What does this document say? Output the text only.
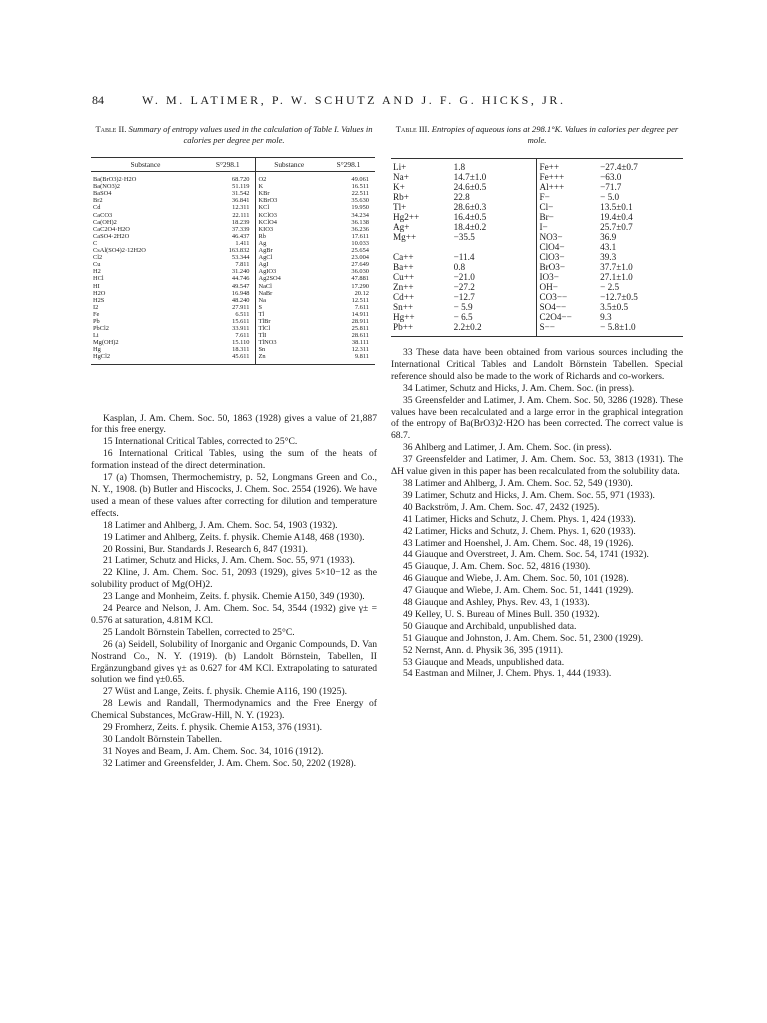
84	W. M. LATIMER, P. W. SCHUTZ AND J. F. G. HICKS, JR.

Table II. Summary of entropy values used in the calculation of Table I. Values in calories per degree per mole.

Substance	S°298.1	Substance	S°298.1
Ba(BrO3)2·H2O	68.720	O2	49.061
Ba(NO3)2	51.119	K	16.511
BaSO4	31.542	KBr	22.511
Br2	36.841	KBrO3	35.630
Cd	12.311	KCl	19.950
CaCO3	22.111	KClO3	34.234
Ca(OH)2	18.239	KClO4	36.138
CaC2O4·H2O	37.339	KIO3	36.236
CaSO4·2H2O	46.437	Rb	17.611
C	1.411	Ag	10.033
CsAl(SO4)2·12H2O	163.832	AgBr	25.654
Cl2	53.344	AgCl	23.004
Cu	7.811	AgI	27.649
H2	31.240	AgIO3	36.030
HCl	44.746	Ag2SO4	47.881
HI	49.547	NaCl	17.290
H2O	16.948	NaBr	20.12
H2S	48.240	Na	12.511
I2	27.911	S	7.611
Fe	6.511	Tl	14.911
Pb	15.611	TlBr	28.911
PbCl2	33.911	TlCl	25.811
Li	7.611	TlI	28.611
Mg(OH)2	15.110	TlNO3	38.111
Hg	18.311	Sn	12.311
HgCl2	45.611	Zn	9.811

Kasplan, J. Am. Chem. Soc. 50, 1863 (1928) gives a value of 21,887 for this free energy.

15 International Critical Tables, corrected to 25°C.

16 International Critical Tables, using the sum of the heats of formation instead of the direct determination.

17 (a) Thomsen, Thermochemistry, p. 52, Longmans Green and Co., N. Y., 1908. (b) Butler and Hiscocks, J. Chem. Soc. 2554 (1926). We have used a mean of these values after correcting for dilution and temperature effects.

18 Latimer and Ahlberg, J. Am. Chem. Soc. 54, 1903 (1932).

19 Latimer and Ahlberg, Zeits. f. physik. Chemie A148, 468 (1930).

20 Rossini, Bur. Standards J. Research 6, 847 (1931).

21 Latimer, Schutz and Hicks, J. Am. Chem. Soc. 55, 971 (1933).

22 Kline, J. Am. Chem. Soc. 51, 2093 (1929), gives 5×10−12 as the solubility product of Mg(OH)2.

23 Lange and Monheim, Zeits. f. physik. Chemie A150, 349 (1930).

24 Pearce and Nelson, J. Am. Chem. Soc. 54, 3544 (1932) give γ± = 0.576 at saturation, 4.81M KCl.

25 Landolt Börnstein Tabellen, corrected to 25°C.

26 (a) Seidell, Solubility of Inorganic and Organic Compounds, D. Van Nostrand Co., N. Y. (1919). (b) Landolt Börnstein, Tabellen, II Ergänzungband gives γ± as 0.627 for 4M KCl. Extrapolating to saturated solution we find γ±0.65.

27 Wüst and Lange, Zeits. f. physik. Chemie A116, 190 (1925).

28 Lewis and Randall, Thermodynamics and the Free Energy of Chemical Substances, McGraw-Hill, N. Y. (1923).

29 Fromherz, Zeits. f. physik. Chemie A153, 376 (1931).

30 Landolt Börnstein Tabellen.

31 Noyes and Beam, J. Am. Chem. Soc. 34, 1016 (1912).

32 Latimer and Greensfelder, J. Am. Chem. Soc. 50, 2202 (1928).

Table III. Entropies of aqueous ions at 298.1°K. Values in calories per degree per mole.

Li+	1.8	Fe++	−27.4±0.7
Na+	14.7±1.0	Fe+++	−63.0
K+	24.6±0.5	Al+++	−71.7
Rb+	22.8	F−	− 5.0
Tl+	28.6±0.3	Cl−	13.5±0.1
Hg2++	16.4±0.5	Br−	19.4±0.4
Ag+	18.4±0.2	I−	25.7±0.7
Mg++	−35.5	NO3−	36.9
		ClO4−	43.1
Ca++	−11.4	ClO3−	39.3
Ba++	0.8	BrO3−	37.7±1.0
Cu++	−21.0	IO3−	27.1±1.0
Zn++	−27.2	OH−	− 2.5
Cd++	−12.7	CO3−−	−12.7±0.5
Sn++	− 5.9	SO4−−	3.5±0.5
Hg++	− 6.5	C2O4−−	9.3
Pb++	2.2±0.2	S−−	− 5.8±1.0

33 These data have been obtained from various sources including the International Critical Tables and Landolt Börnstein Tabellen. Special reference should also be made to the work of Richards and co-workers.

34 Latimer, Schutz and Hicks, J. Am. Chem. Soc. (in press).

35 Greensfelder and Latimer, J. Am. Chem. Soc. 50, 3286 (1928). These values have been recalculated and a large error in the graphical integration of the entropy of Ba(BrO3)2·H2O has been corrected. The correct value is 68.7.

36 Ahlberg and Latimer, J. Am. Chem. Soc. (in press).

37 Greensfelder and Latimer, J. Am. Chem. Soc. 53, 3813 (1931). The ΔH value given in this paper has been recalculated from the solubility data.

38 Latimer and Ahlberg, J. Am. Chem. Soc. 52, 549 (1930).

39 Latimer, Schutz and Hicks, J. Am. Chem. Soc. 55, 971 (1933).

40 Backström, J. Am. Chem. Soc. 47, 2432 (1925).

41 Latimer, Hicks and Schutz, J. Chem. Phys. 1, 424 (1933).

42 Latimer, Hicks and Schutz, J. Chem. Phys. 1, 620 (1933).

43 Latimer and Hoenshel, J. Am. Chem. Soc. 48, 19 (1926).

44 Giauque and Overstreet, J. Am. Chem. Soc. 54, 1741 (1932).

45 Giauque, J. Am. Chem. Soc. 52, 4816 (1930).

46 Giauque and Wiebe, J. Am. Chem. Soc. 50, 101 (1928).

47 Giauque and Wiebe, J. Am. Chem. Soc. 51, 1441 (1929).

48 Giauque and Ashley, Phys. Rev. 43, 1 (1933).

49 Kelley, U. S. Bureau of Mines Bull. 350 (1932).

50 Giauque and Archibald, unpublished data.

51 Giauque and Johnston, J. Am. Chem. Soc. 51, 2300 (1929).

52 Nernst, Ann. d. Physik 36, 395 (1911).

53 Giauque and Meads, unpublished data.

54 Eastman and Milner, J. Chem. Phys. 1, 444 (1933).
